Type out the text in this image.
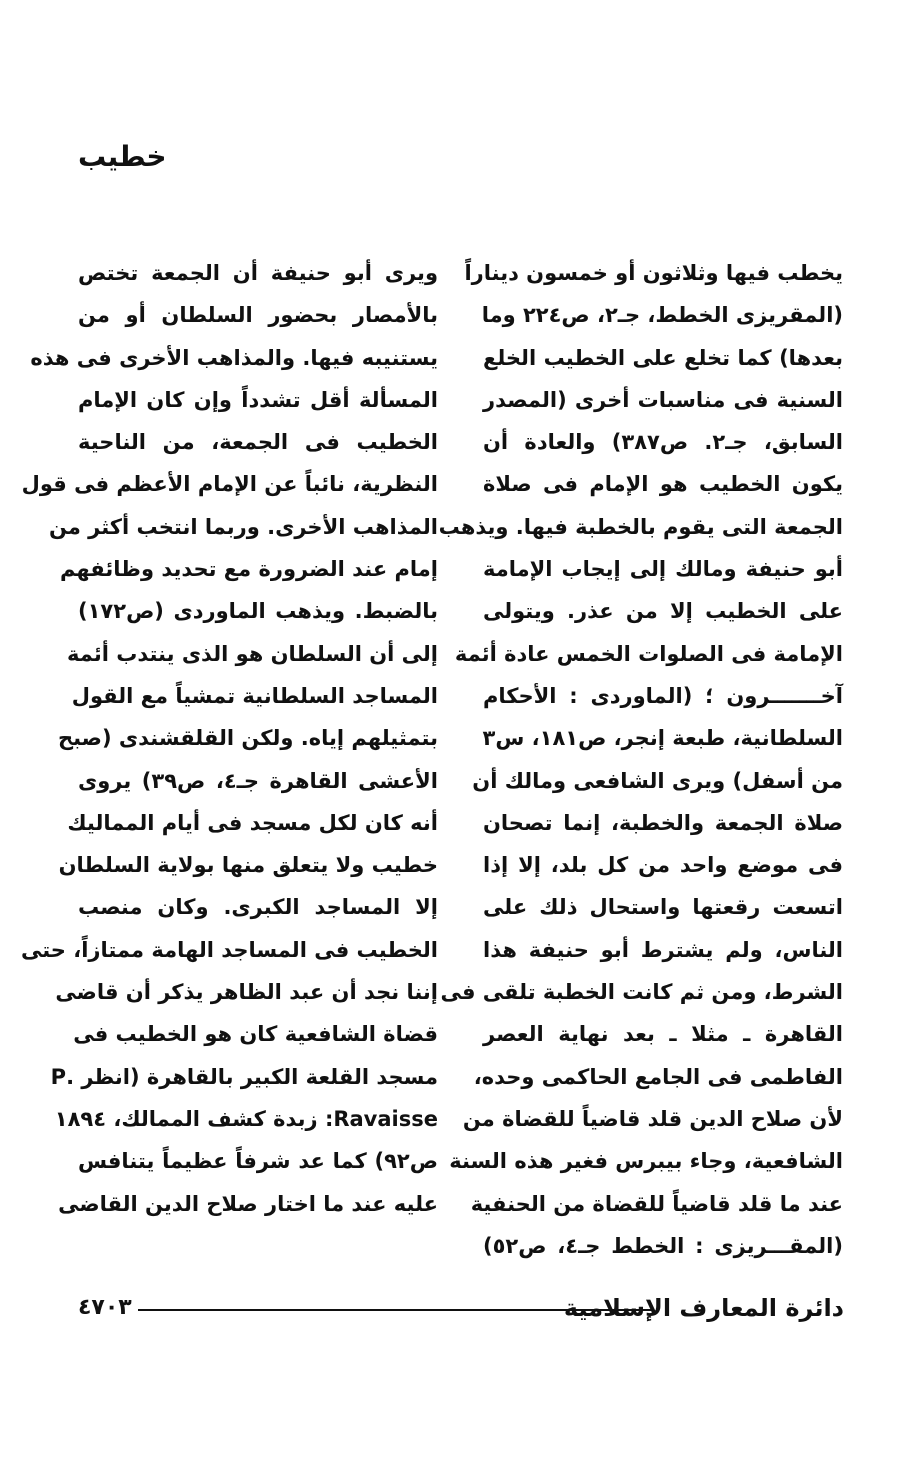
خطيب
يخطب فيها وثلاثون أو خمسون ديناراً
(المقريزى الخطط، جـ٢، ص٢٢٤ وما
بعدها) كما تخلع على الخطيب الخلع
السنية فى مناسبات أخرى (المصدر
السابق، جـ٢. ص٣٨٧) والعادة أن
يكون الخطيب هو الإمام فى صلاة
الجمعة التى يقوم بالخطبة فيها. ويذهب
أبو حنيفة ومالك إلى إيجاب الإمامة
على الخطيب إلا من عذر. ويتولى
الإمامة فى الصلوات الخمس عادة أئمة
آخـــــــرون ؛ (الماوردى : الأحكام
السلطانية، طبعة إنجر، ص١٨١، س٣
من أسفل) ويرى الشافعى ومالك أن
صلاة الجمعة والخطبة، إنما تصحان
فى موضع واحد من كل بلد، إلا إذا
اتسعت رقعتها واستحال ذلك على
الناس، ولم يشترط أبو حنيفة هذا
الشرط، ومن ثم كانت الخطبة تلقى فى
القاهرة ـ مثلا ـ بعد نهاية العصر
الفاطمى فى الجامع الحاكمى وحده،
لأن صلاح الدين قلد قاضياً للقضاة من
الشافعية، وجاء بيبرس فغير هذه السنة
عند ما قلد قاضياً للقضاة من الحنفية
(المقـــريزى : الخطط جـ٤، ص٥٢)
ويرى أبو حنيفة أن الجمعة تختص
بالأمصار بحضور السلطان أو من
يستنيبه فيها. والمذاهب الأخرى فى هذه
المسألة أقل تشدداً وإن كان الإمام
الخطيب فى الجمعة، من الناحية
النظرية، نائباً عن الإمام الأعظم فى قول
المذاهب الأخرى. وربما انتخب أكثر من
إمام عند الضرورة مع تحديد وظائفهم
بالضبط. ويذهب الماوردى (ص١٧٢)
إلى أن السلطان هو الذى ينتدب أئمة
المساجد السلطانية تمشياً مع القول
بتمثيلهم إياه. ولكن القلقشندى (صبح
الأعشى القاهرة جـ٤، ص٣٩) يروى
أنه كان لكل مسجد فى أيام المماليك
خطيب ولا يتعلق منها بولاية السلطان
إلا المساجد الكبرى. وكان منصب
الخطيب فى المساجد الهامة ممتازاً، حتى
إننا نجد أن عبد الظاهر يذكر أن قاضى
قضاة الشافعية كان هو الخطيب فى
مسجد القلعة الكبير بالقاهرة (انظر .P
Ravaisse: زبدة كشف الممالك، ١٨٩٤
ص٩٢) كما عد شرفاً عظيماً يتنافس
عليه عند ما اختار صلاح الدين القاضى
دائرة المعارف الإسلامية
٤٧٠٣
